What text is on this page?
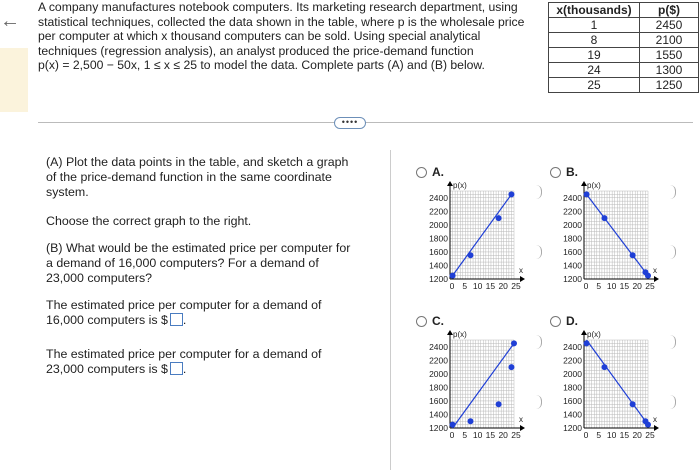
←

A company manufactures notebook computers. Its marketing research department, using

statistical techniques, collected the data shown in the table, where p is the wholesale price

per computer at which x thousand computers can be sold. Using special analytical

techniques (regression analysis), an analyst produced the price-demand function

p(x) = 2,500 − 50x, 1 ≤ x ≤ 25 to model the data. Complete parts (A) and (B) below.

x(thousands)	p($)
1	2450
8	2100
19	1550
24	1300
25	1250
••••

(A) Plot the data points in the table, and sketch a graph of the price-demand function in the same coordinate system.

Choose the correct graph to the right.

(B) What would be the estimated price per computer for a demand of 16,000 computers? For a demand of 23,000 computers?

The estimated price per computer for a demand of 16,000 computers is $ .

The estimated price per computer for a demand of 23,000 computers is $ .

A.
p(x)
x
2400
2200
2000
1800
1600
1400
1200
0 5 10 15 20 25
B.
p(x)
x
2400
2200
2000
1800
1600
1400
1200
0 5 10 15 20 25
C.
p(x)
x
2400
2200
2000
1800
1600
1400
1200
0 5 10 15 20 25
D.
p(x)
x
2400
2200
2000
1800
1600
1400
1200
0 5 10 15 20 25
